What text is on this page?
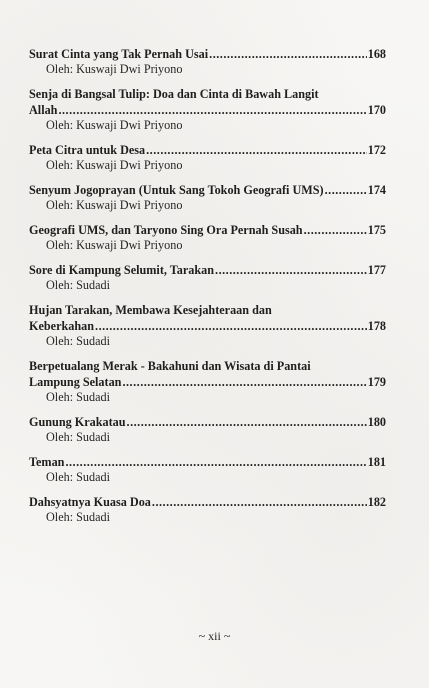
Surat Cinta yang Tak Pernah Usai .....	168
Oleh: Kuswaji Dwi Priyono
Senja di Bangsal Tulip: Doa dan Cinta di Bawah Langit
Allah .....	170
Oleh: Kuswaji Dwi Priyono
Peta Citra untuk Desa .....	172
Oleh: Kuswaji Dwi Priyono
Senyum Jogoprayan (Untuk Sang Tokoh Geografi UMS) .....	174
Oleh: Kuswaji Dwi Priyono
Geografi UMS, dan Taryono Sing Ora Pernah Susah .....	175
Oleh: Kuswaji Dwi Priyono
Sore di Kampung Selumit, Tarakan .....	177
Oleh: Sudadi
Hujan Tarakan, Membawa Kesejahteraan dan
Keberkahan .....	178
Oleh: Sudadi
Berpetualang Merak - Bakahuni dan Wisata di Pantai
Lampung Selatan .....	179
Oleh: Sudadi
Gunung Krakatau .....	180
Oleh: Sudadi
Teman .....	181
Oleh: Sudadi
Dahsyatnya Kuasa Doa .....	182
Oleh: Sudadi
~ xii ~
